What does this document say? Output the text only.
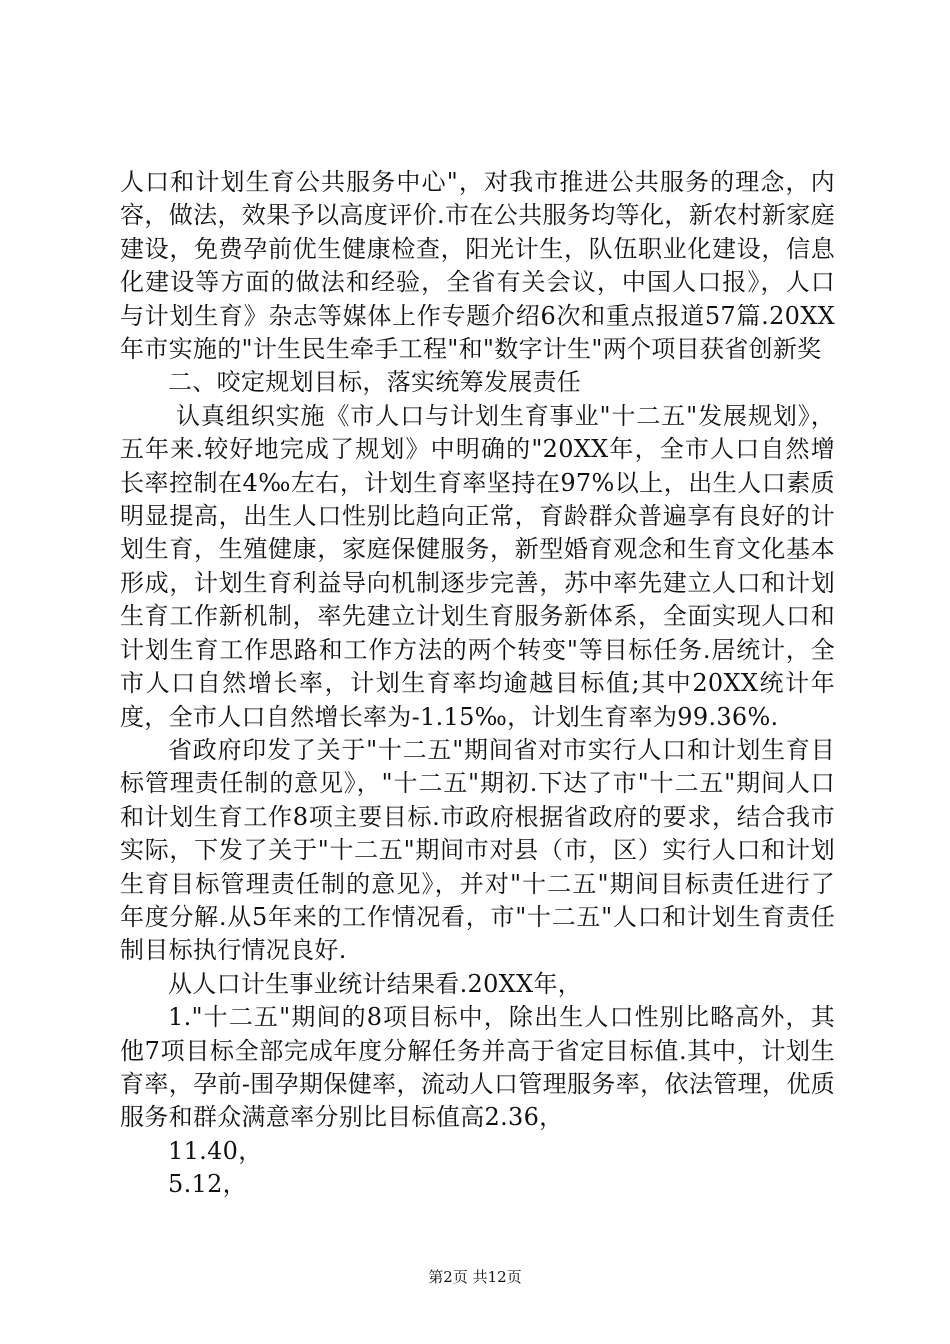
人口和计划生育公共服务中心"，对我市推进公共服务的理念，内容，做法，效果予以高度评价.市在公共服务均等化，新农村新家庭建设，免费孕前优生健康检查，阳光计生，队伍职业化建设，信息化建设等方面的做法和经验，全省有关会议，中国人口报》，人口与计划生育》杂志等媒体上作专题介绍6次和重点报道57篇.20XX年市实施的"计生民生牵手工程"和"数字计生"两个项目获省创新奖

二、咬定规划目标，落实统筹发展责任

认真组织实施《市人口与计划生育事业"十二五"发展规划》，五年来.较好地完成了规划》中明确的"20XX年，全市人口自然增长率控制在4‰左右，计划生育率坚持在97%以上，出生人口素质明显提高，出生人口性别比趋向正常，育龄群众普遍享有良好的计划生育，生殖健康，家庭保健服务，新型婚育观念和生育文化基本形成，计划生育利益导向机制逐步完善，苏中率先建立人口和计划生育工作新机制，率先建立计划生育服务新体系，全面实现人口和计划生育工作思路和工作方法的两个转变"等目标任务.居统计，全市人口自然增长率，计划生育率均逾越目标值;其中20XX统计年度，全市人口自然增长率为-1.15‰，计划生育率为99.36%.

省政府印发了关于"十二五"期间省对市实行人口和计划生育目标管理责任制的意见》，"十二五"期初.下达了市"十二五"期间人口和计划生育工作8项主要目标.市政府根据省政府的要求，结合我市实际，下发了关于"十二五"期间市对县（市，区）实行人口和计划生育目标管理责任制的意见》，并对"十二五"期间目标责任进行了年度分解.从5年来的工作情况看，市"十二五"人口和计划生育责任制目标执行情况良好.

从人口计生事业统计结果看.20XX年，

1."十二五"期间的8项目标中，除出生人口性别比略高外，其他7项目标全部完成年度分解任务并高于省定目标值.其中，计划生育率，孕前-围孕期保健率，流动人口管理服务率，依法管理，优质服务和群众满意率分别比目标值高2.36，

11.40，

5.12，

第2页 共12页
